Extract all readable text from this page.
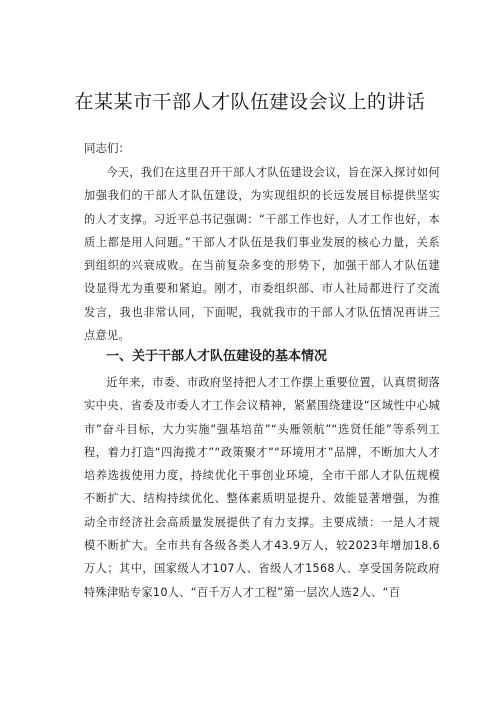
在某某市干部人才队伍建设会议上的讲话
同志们：
今天，我们在这里召开干部人才队伍建设会议，旨在深入探讨如何加强我们的干部人才队伍建设，为实现组织的长远发展目标提供坚实的人才支撑。习近平总书记强调：“干部工作也好，人才工作也好，本质上都是用人问题。”干部人才队伍是我们事业发展的核心力量，关系到组织的兴衰成败。在当前复杂多变的形势下，加强干部人才队伍建设显得尤为重要和紧迫。刚才，市委组织部、市人社局都进行了交流发言，我也非常认同，下面呢，我就我市的干部人才队伍情况再讲三点意见。
一、关于干部人才队伍建设的基本情况
近年来，市委、市政府坚持把人才工作摆上重要位置，认真贯彻落实中央、省委及市委人才工作会议精神，紧紧围绕建设“区域性中心城市”奋斗目标，大力实施“强基培苗”“头雁领航”“选贤任能”等系列工程，着力打造“四海揽才”“政策聚才”“环境用才”品牌，不断加大人才培养选拔使用力度，持续优化干事创业环境，全市干部人才队伍规模不断扩大、结构持续优化、整体素质明显提升、效能显著增强，为推动全市经济社会高质量发展提供了有力支撑。主要成绩：一是人才规模不断扩大。全市共有各级各类人才43.9万人，较2023年增加18.6万人；其中，国家级人才107人、省级人才1568人、享受国务院政府特殊津贴专家10人、“百千万人才工程”第一层次人选2人、“百
